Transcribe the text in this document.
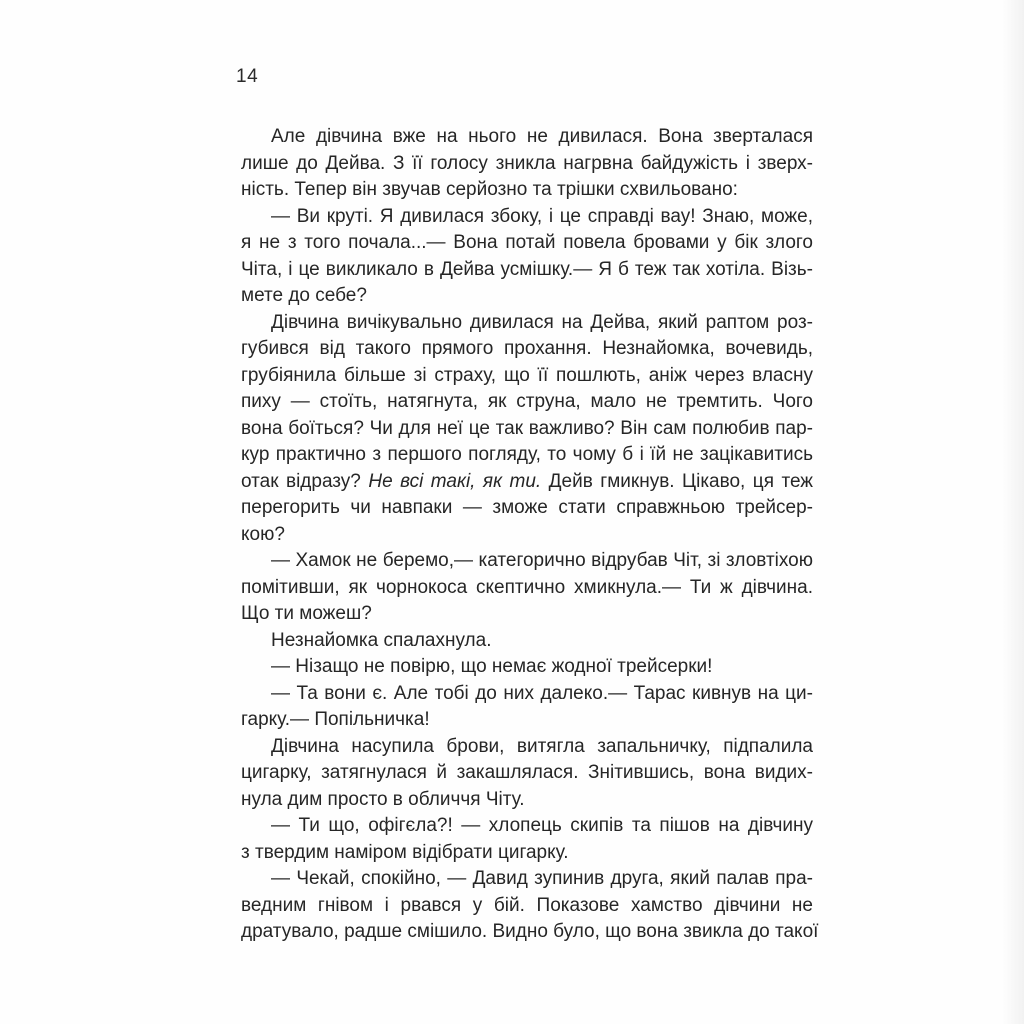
14
Але дівчина вже на нього не дивилася. Вона зверталася
лише до Дейва. З її голосу зникла нагрвна байдужість і зверх-
ність. Тепер він звучав серйозно та трішки схвильовано:
— Ви круті. Я дивилася збоку, і це справді вау! Знаю, може,
я не з того почала...— Вона потай повела бровами у бік злого
Чіта, і це викликало в Дейва усмішку.— Я б теж так хотіла. Візь-
мете до себе?
Дівчина вичікувально дивилася на Дейва, який раптом роз-
губився від такого прямого прохання. Незнайомка, вочевидь,
грубіянила більше зі страху, що її пошлють, аніж через власну
пиху — стоїть, натягнута, як струна, мало не тремтить. Чого
вона боїться? Чи для неї це так важливо? Він сам полюбив пар-
кур практично з першого погляду, то чому б і їй не зацікавитись
отак відразу? Не всі такі, як ти. Дейв гмикнув. Цікаво, ця теж
перегорить чи навпаки — зможе стати справжньою трейсер-
кою?
— Хамок не беремо,— категорично відрубав Чіт, зі зловтіхою
помітивши, як чорнокоса скептично хмикнула.— Ти ж дівчина.
Що ти можеш?
Незнайомка спалахнула.
— Нізащо не повірю, що немає жодної трейсерки!
— Та вони є. Але тобі до них далеко.— Тарас кивнув на ци-
гарку.— Попільничка!
Дівчина насупила брови, витягла запальничку, підпалила
цигарку, затягнулася й закашлялася. Знітившись, вона видих-
нула дим просто в обличчя Чіту.
— Ти що, офігєла?! — хлопець скипів та пішов на дівчину
з твердим наміром відібрати цигарку.
— Чекай, спокійно, — Давид зупинив друга, який палав пра-
ведним гнівом і рвався у бій. Показове хамство дівчини не
дратувало, радше смішило. Видно було, що вона звикла до такої
